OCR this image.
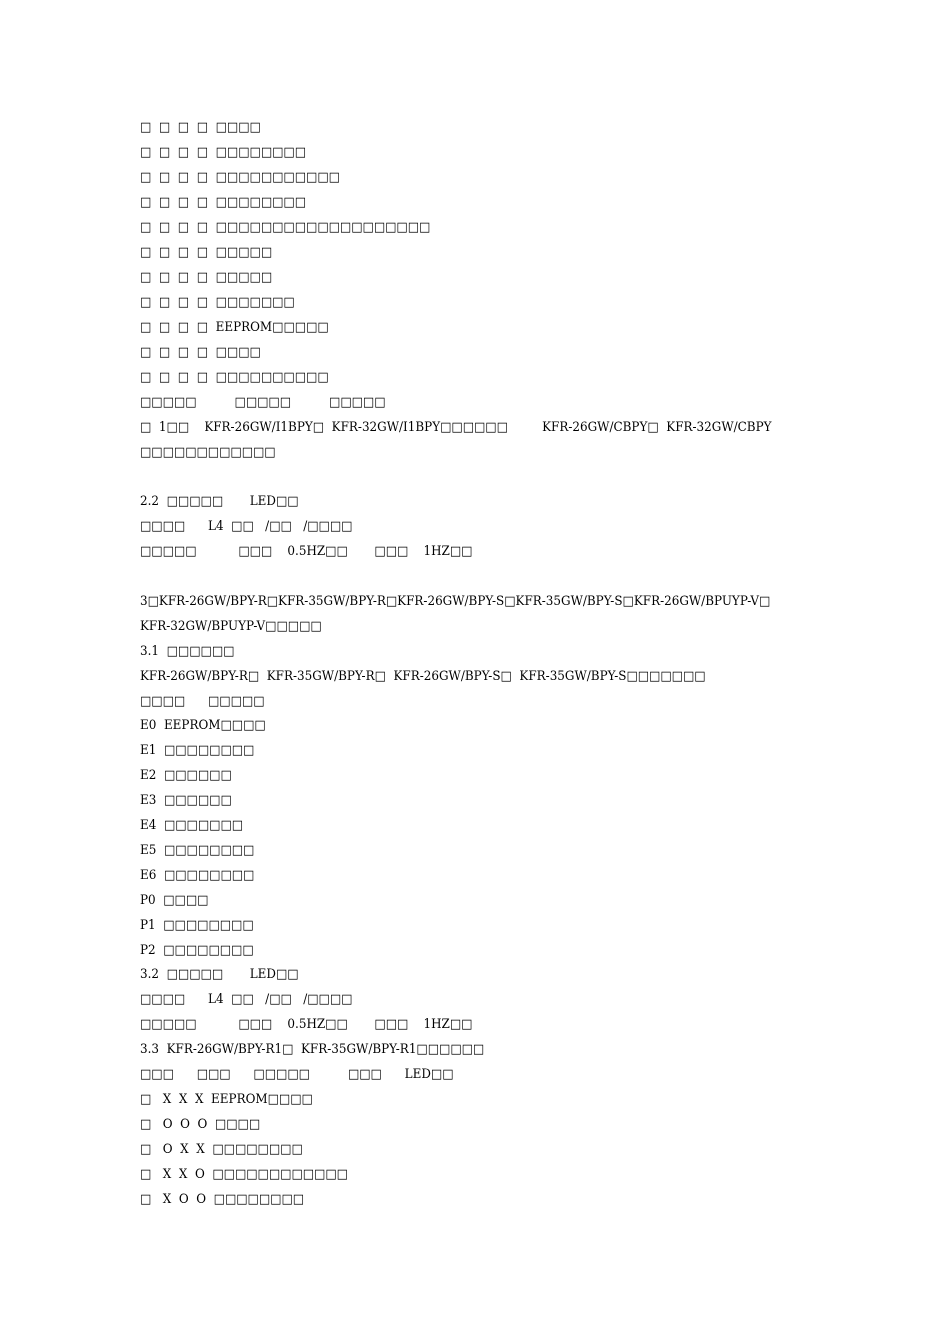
□  □  □  □  □□□□
□  □  □  □  □□□□□□□□
□  □  □  □  □□□□□□□□□□□
□  □  □  □  □□□□□□□□
□  □  □  □  □□□□□□□□□□□□□□□□□□□
□  □  □  □  □□□□□
□  □  □  □  □□□□□
□  □  □  □  □□□□□□□
□  □  □  □  EEPROM□□□□□
□  □  □  □  □□□□
□  □  □  □  □□□□□□□□□□
□□□□□          □□□□□          □□□□□
□  1□□    KFR-26GW/I1BPY□  KFR-32GW/I1BPY□□□□□□         KFR-26GW/CBPY□  KFR-32GW/CBPY
□□□□□□□□□□□□
2.2  □□□□□       LED□□
□□□□      L4  □□   /□□   /□□□□
□□□□□           □□□    0.5HZ□□       □□□    1HZ□□
3□KFR-26GW/BPY-R□KFR-35GW/BPY-R□KFR-26GW/BPY-S□KFR-35GW/BPY-S□KFR-26GW/BPUYP-V□
KFR-32GW/BPUYP-V□□□□□
3.1  □□□□□□
KFR-26GW/BPY-R□  KFR-35GW/BPY-R□  KFR-26GW/BPY-S□  KFR-35GW/BPY-S□□□□□□□
□□□□      □□□□□
E0  EEPROM□□□□
E1  □□□□□□□□
E2  □□□□□□
E3  □□□□□□
E4  □□□□□□□
E5  □□□□□□□□
E6  □□□□□□□□
P0  □□□□
P1  □□□□□□□□
P2  □□□□□□□□
3.2  □□□□□       LED□□
□□□□      L4  □□   /□□   /□□□□
□□□□□           □□□    0.5HZ□□       □□□    1HZ□□
3.3  KFR-26GW/BPY-R1□  KFR-35GW/BPY-R1□□□□□□
□□□      □□□      □□□□□          □□□      LED□□
□   X  X  X  EEPROM□□□□
□   O  O  O  □□□□
□   O  X  X  □□□□□□□□
□   X  X  O  □□□□□□□□□□□□
□   X  O  O  □□□□□□□□
